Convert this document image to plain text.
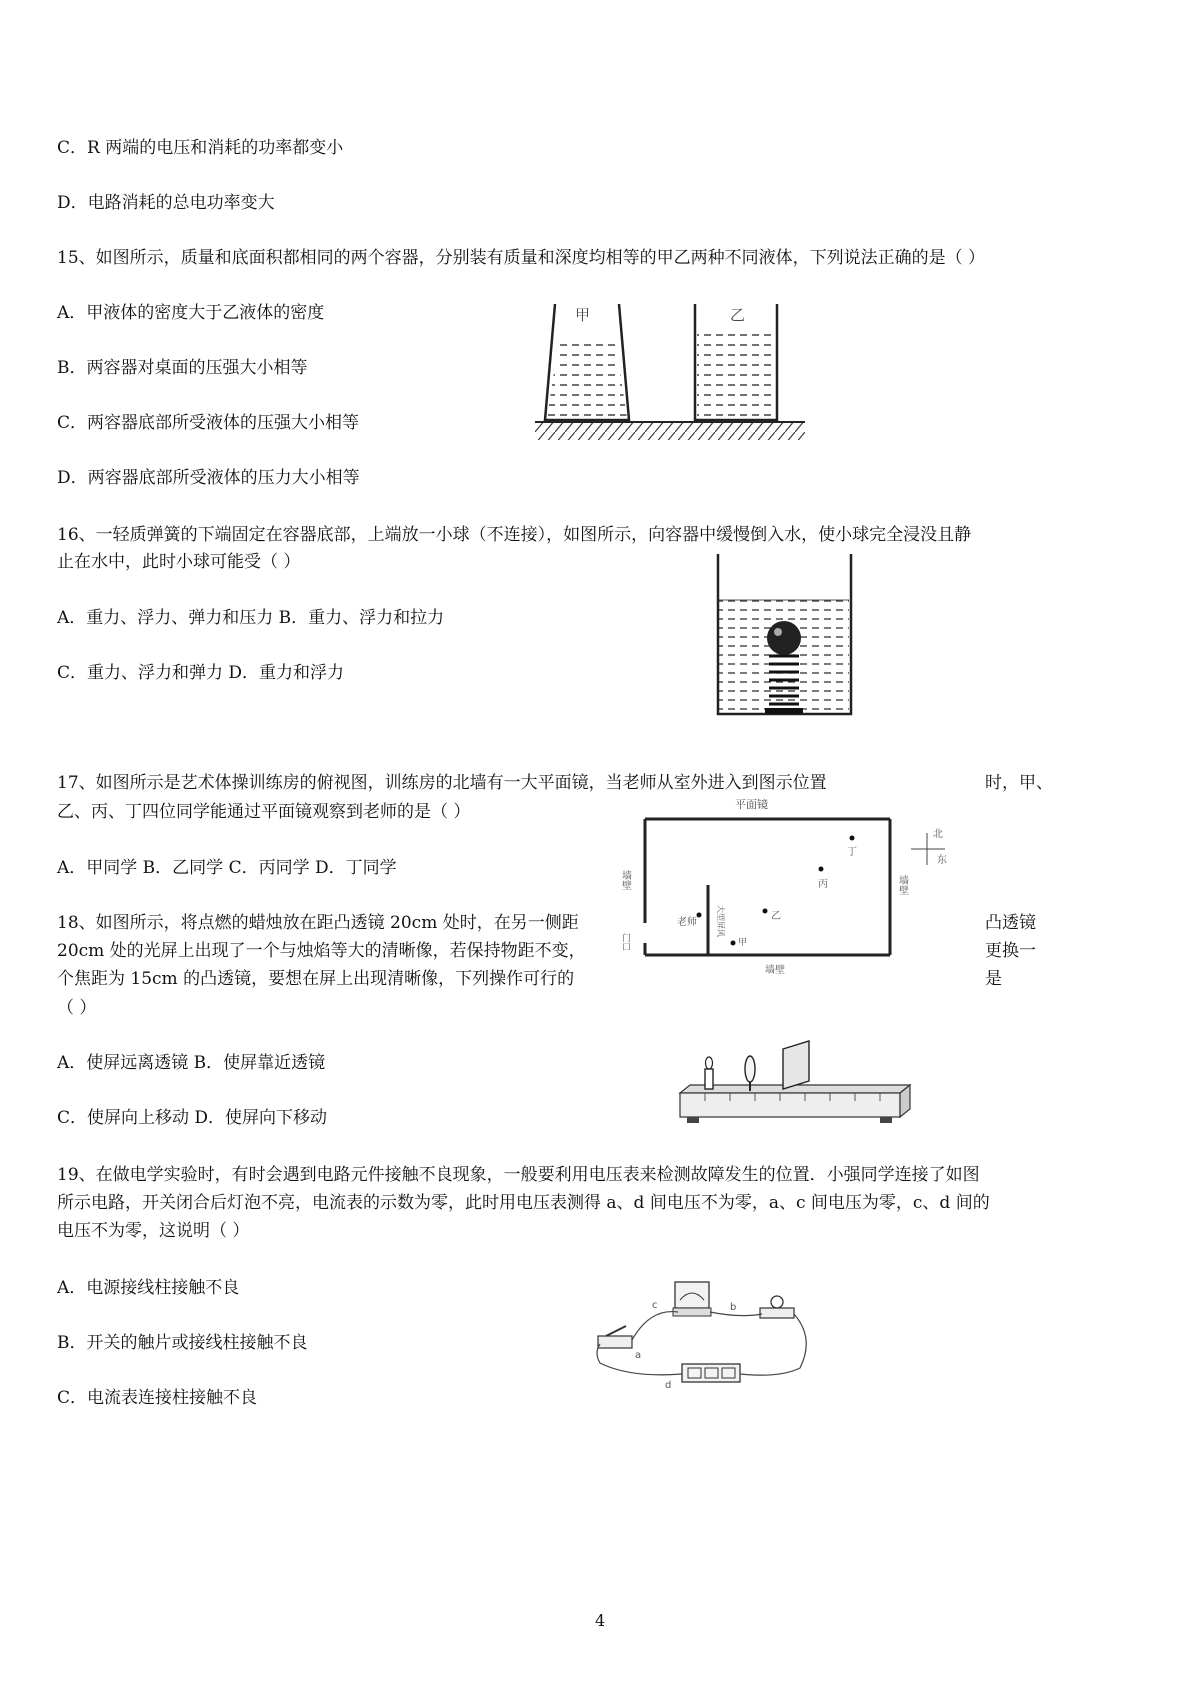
C．R 两端的电压和消耗的功率都变小
D．电路消耗的总电功率变大
15、如图所示，质量和底面积都相同的两个容器，分别装有质量和深度均相等的甲乙两种不同液体，下列说法正确的是（ ）
A．甲液体的密度大于乙液体的密度
B．两容器对桌面的压强大小相等
C．两容器底部所受液体的压强大小相等
D．两容器底部所受液体的压力大小相等
甲	乙
16、一轻质弹簧的下端固定在容器底部，上端放一小球（不连接），如图所示，向容器中缓慢倒入水，使小球完全浸没且静
止在水中，此时小球可能受（ ）
A．重力、浮力、弹力和压力 B．重力、浮力和拉力
C．重力、浮力和弹力 D．重力和浮力
17、如图所示是艺术体操训练房的俯视图，训练房的北墙有一大平面镜，当老师从室外进入到图示位置	时，甲、
乙、丙、丁四位同学能通过平面镜观察到老师的是（ ）
A．甲同学 B．乙同学 C．丙同学 D．丁同学
平面镜
大型屏风
丁
丙
乙
甲
老师
墙壁	墙壁
墙壁
门口
北
东
18、如图所示，将点燃的蜡烛放在距凸透镜 20cm 处时，在另一侧距	凸透镜
20cm 处的光屏上出现了一个与烛焰等大的清晰像，若保持物距不变，	更换一
个焦距为 15cm 的凸透镜，要想在屏上出现清晰像，下列操作可行的	是
（ ）
A．使屏远离透镜 B．使屏靠近透镜
C．使屏向上移动 D．使屏向下移动
19、在做电学实验时，有时会遇到电路元件接触不良现象，一般要利用电压表来检测故障发生的位置．小强同学连接了如图
所示电路，开关闭合后灯泡不亮，电流表的示数为零，此时用电压表测得 a、d 间电压不为零，a、c 间电压为零，c、d 间的
电压不为零，这说明（ ）
A．电源接线柱接触不良
B．开关的触片或接线柱接触不良
C．电流表连接柱接触不良
c	b
a
d
4
